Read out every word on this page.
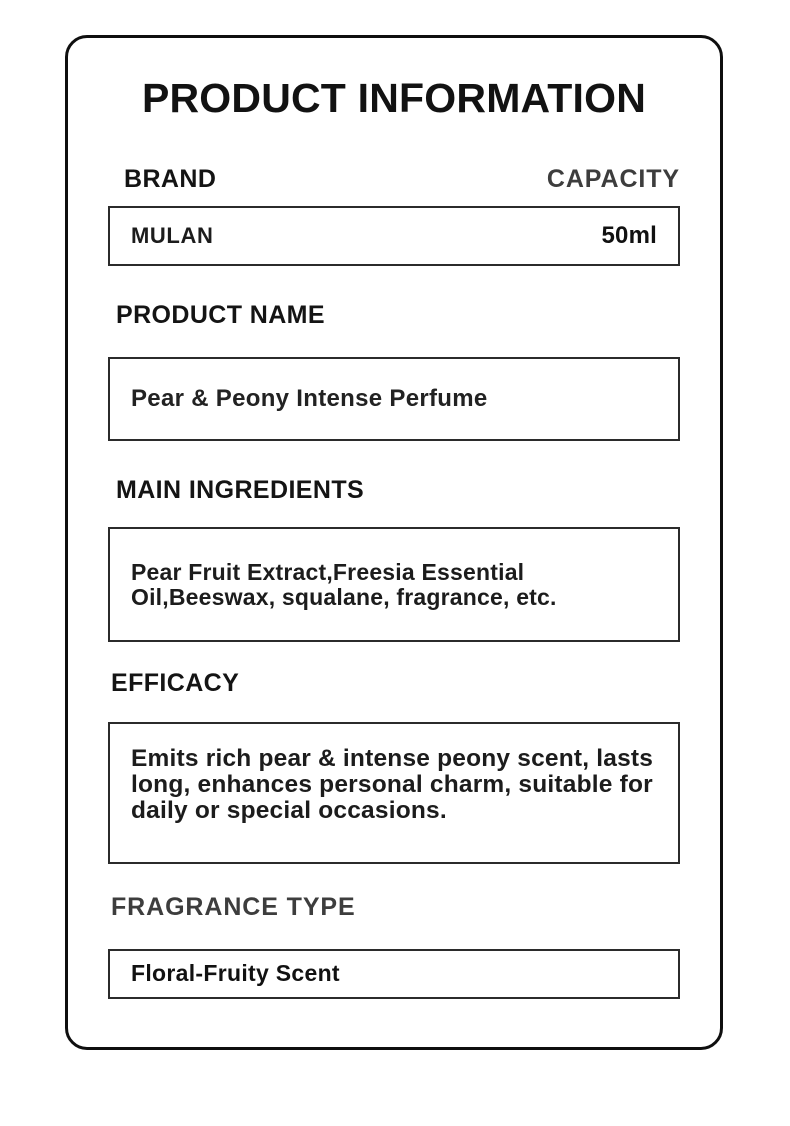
PRODUCT INFORMATION
BRAND	CAPACITY
MULAN	50ml
PRODUCT NAME
Pear & Peony Intense Perfume
MAIN INGREDIENTS
Pear Fruit Extract,Freesia Essential Oil,Beeswax, squalane, fragrance, etc.
EFFICACY
Emits rich pear & intense peony scent, lasts long, enhances personal charm, suitable for daily or special occasions.
FRAGRANCE TYPE
Floral-Fruity Scent
